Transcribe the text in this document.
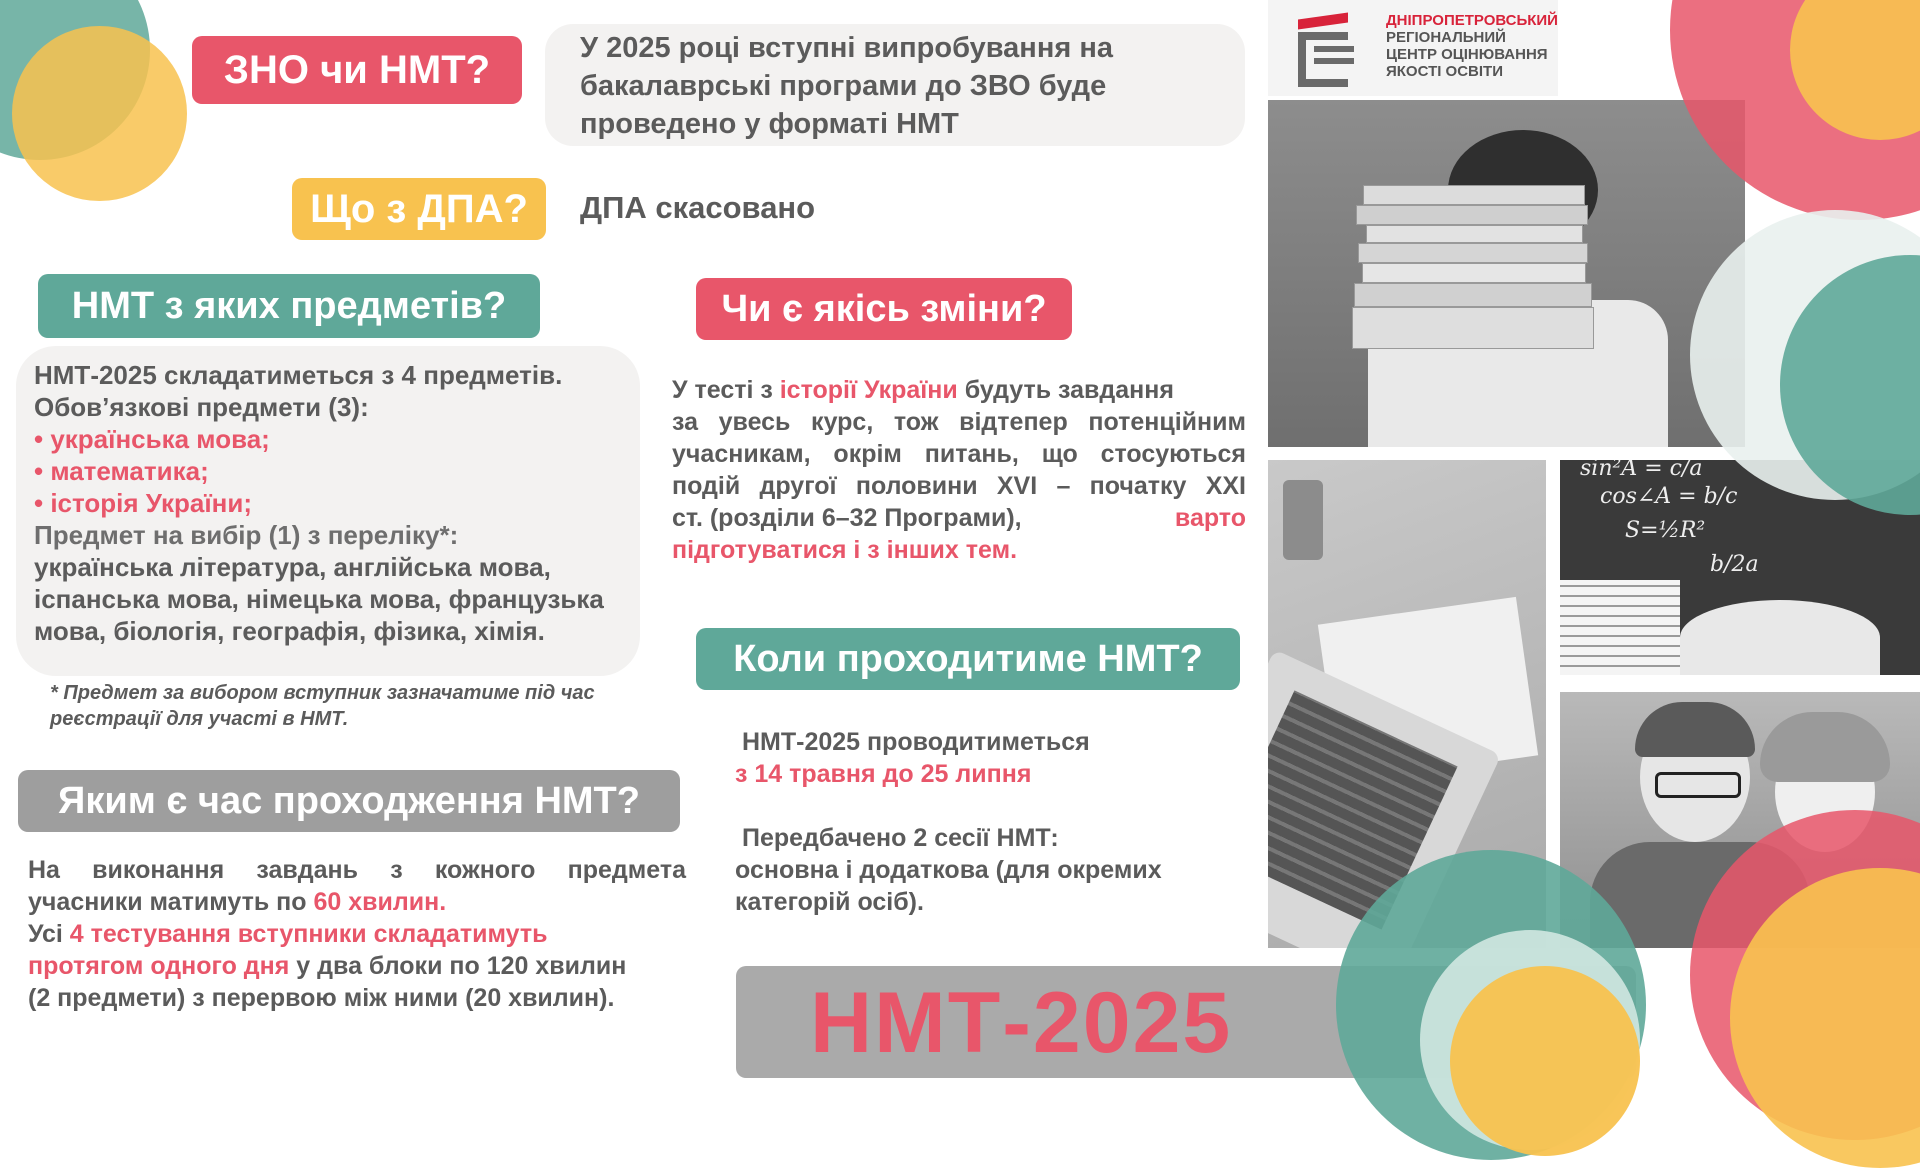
sin²A = c/a
cos∠A = b/c
S=½R²
b/2a
ДНІПРОПЕТРОВСЬКИЙ
РЕГІОНАЛЬНИЙ
ЦЕНТР ОЦІНЮВАННЯ
ЯКОСТІ ОСВІТИ
ЗНО чи НМТ?	У 2025 році вступні випробування на
бакалаврські програми до ЗВО буде
проведено у форматі НМТ
Що з ДПА?	ДПА скасовано
НМТ з яких предметів?
НМТ-2025 складатиметься з 4 предметів.
Обов’язкові предмети (3):
• українська мова;
• математика;
• історія України;
Предмет на вибір (1) з переліку*:
українська література, англійська мова,
іспанська мова, німецька мова, французька
мова, біологія, географія, фізика, хімія.
* Предмет за вибором вступник зазначатиме під час
реєстрації для участі в НМТ.
Чи є якісь зміни?
У тесті з історії України будуть завдання
за увесь курс, тож відтепер потенційним
учасникам, окрім питань, що стосуються
подій другої половини XVI – початку XXI
ст. (розділи 6–32 Програми),	варто
підготуватися і з інших тем.
Коли проходитиме НМТ?
НМТ-2025 проводитиметься
з 14 травня до 25 липня
Передбачено 2 сесії НМТ:
основна і додаткова (для окремих
категорій осіб).
Яким є час проходження НМТ?
На виконання завдань з кожного предмета
учасники матимуть по 60 хвилин.
Усі 4 тестування вступники складатимуть
протягом одного дня у два блоки по 120 хвилин
(2 предмети) з перервою між ними (20 хвилин). НМТ-2025
